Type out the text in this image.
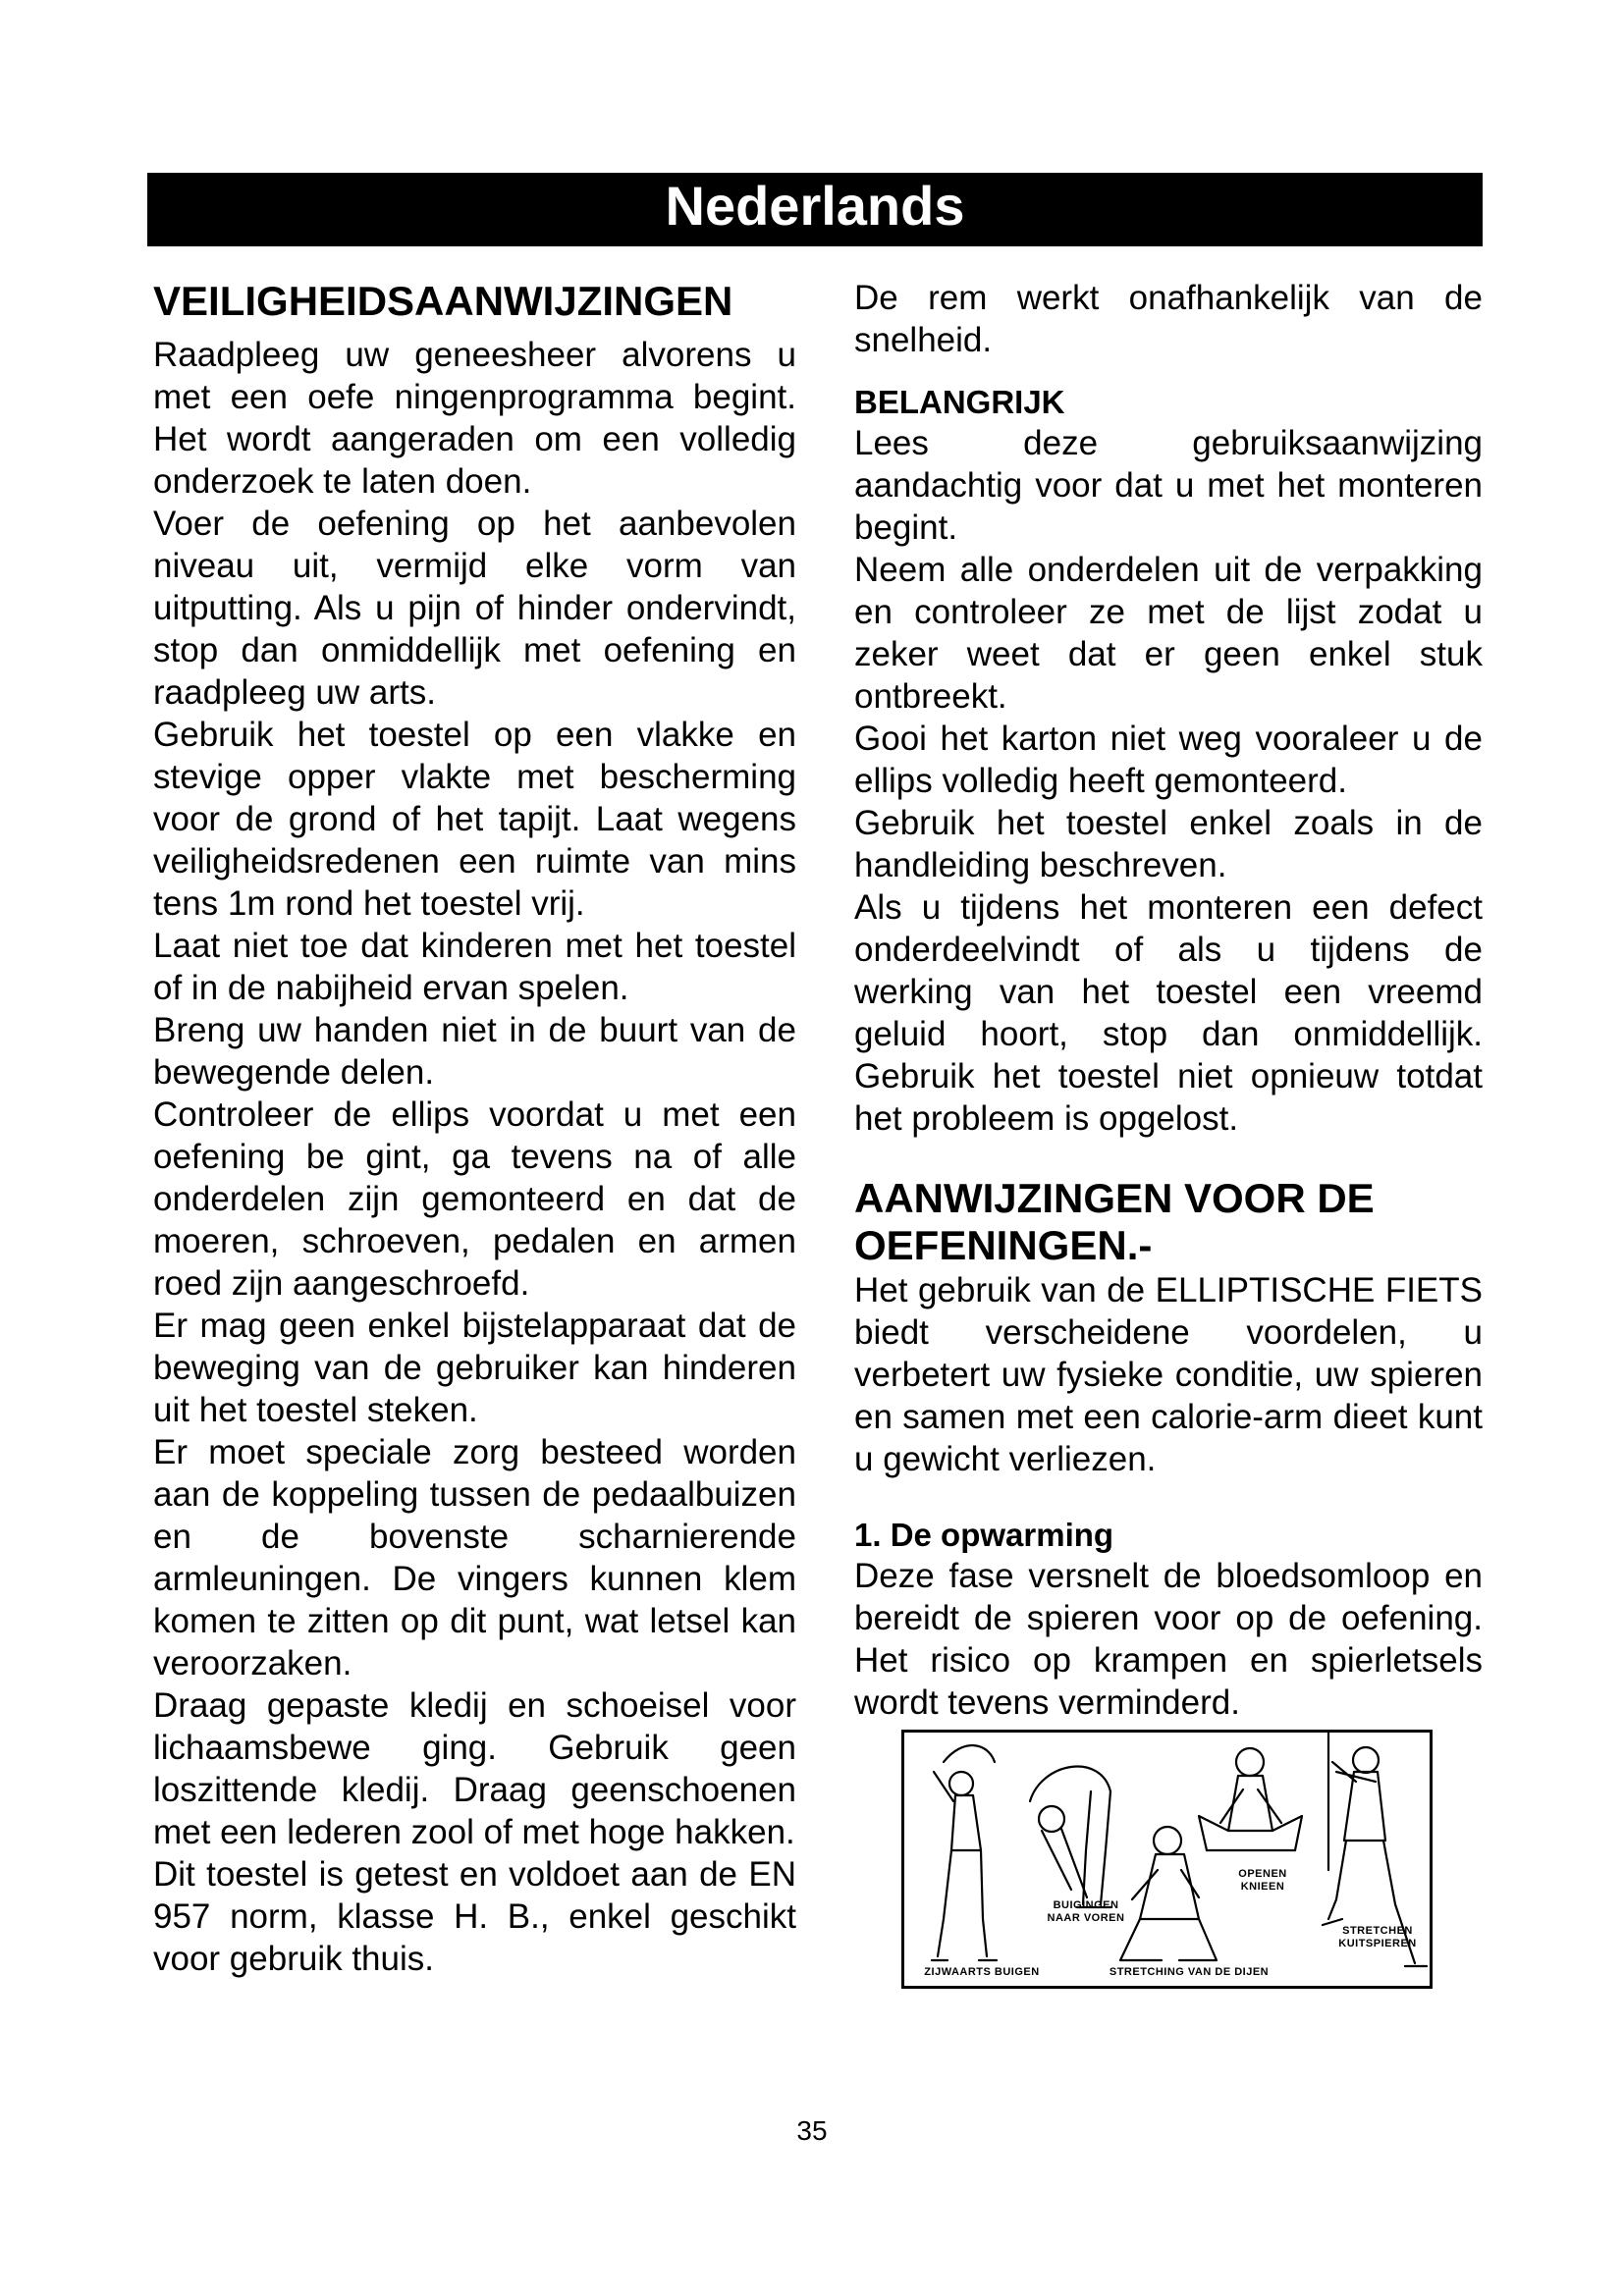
Nederlands
VEILIGHEIDSAANWIJZINGEN

Raadpleeg uw geneesheer alvorens u met een oefe ningenprogramma begint. Het wordt aangeraden om een volledig onderzoek te laten doen.

Voer de oefening op het aanbevolen niveau uit, vermijd elke vorm van uitputting. Als u pijn of hinder ondervindt, stop dan onmiddellijk met oefening en raadpleeg uw arts.

Gebruik het toestel op een vlakke en stevige opper vlakte met bescherming voor de grond of het tapijt. Laat wegens veiligheidsredenen een ruimte van mins tens 1m rond het toestel vrij.

Laat niet toe dat kinderen met het toestel of in de nabijheid ervan spelen.

Breng uw handen niet in de buurt van de bewegende delen.

Controleer de ellips voordat u met een oefening be gint, ga tevens na of alle onderdelen zijn gemonteerd en dat de moeren, schroeven, pedalen en armen roed zijn aangeschroefd.

Er mag geen enkel bijstelapparaat dat de beweging van de gebruiker kan hinderen uit het toestel steken.

Er moet speciale zorg besteed worden aan de koppeling tussen de pedaalbuizen en de bovenste scharnierende armleuningen. De vingers kunnen klem komen te zitten op dit punt, wat letsel kan veroorzaken.

Draag gepaste kledij en schoeisel voor lichaamsbewe ging. Gebruik geen loszittende kledij. Draag geenschoenen met een lederen zool of met hoge hakken.

Dit toestel is getest en voldoet aan de EN 957 norm, klasse H. B., enkel geschikt voor gebruik thuis.

De rem werkt onafhankelijk van de snelheid.

BELANGRIJK

Lees deze gebruiksaanwijzing aandachtig voor dat u met het monteren begint.

Neem alle onderdelen uit de verpakking en controleer ze met de lijst zodat u zeker weet dat er geen enkel stuk ontbreekt.

Gooi het karton niet weg vooraleer u de ellips volledig heeft gemonteerd.

Gebruik het toestel enkel zoals in de handleiding beschreven.

Als u tijdens het monteren een defect onderdeelvindt of als u tijdens de werking van het toestel een vreemd geluid hoort, stop dan onmiddellijk. Gebruik het toestel niet opnieuw totdat het probleem is opgelost.

AANWIJZINGEN VOOR DE OEFENINGEN.-

Het gebruik van de ELLIPTISCHE FIETS biedt verscheidene voordelen, u verbetert uw fysieke conditie, uw spieren en samen met een calorie-arm dieet kunt u gewicht verliezen.

1. De opwarming

Deze fase versnelt de bloedsomloop en bereidt de spieren voor op de oefening. Het risico op krampen en spierletsels wordt tevens verminderd.

ZIJWAARTS BUIGEN
BUIGINGEN NAAR VOREN
STRETCHING VAN DE DIJEN
OPENEN KNIEEN
STRETCHEN KUITSPIEREN

35
